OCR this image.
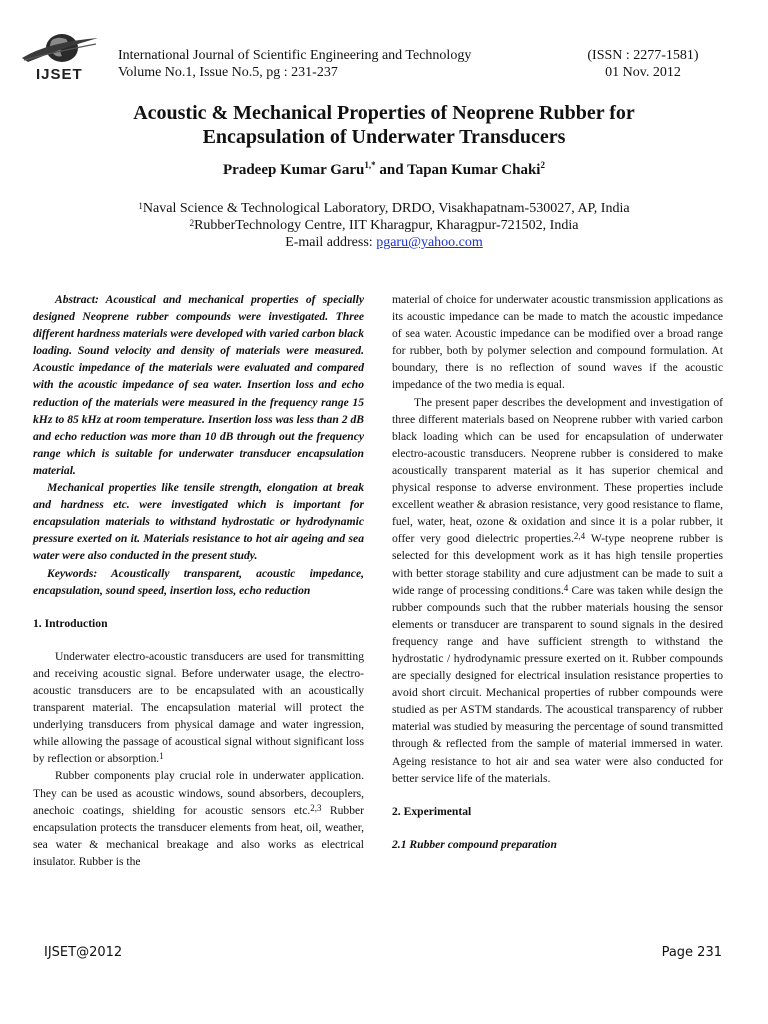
IJSET
International Journal of Scientific Engineering and Technology
Volume No.1, Issue No.5, pg : 231-237
(ISSN : 2277-1581)
01 Nov. 2012
Acoustic & Mechanical Properties of Neoprene Rubber for
Encapsulation of Underwater Transducers
Pradeep Kumar Garu$^{1,*}$ and Tapan Kumar Chaki$^2$
$^1$Naval Science & Technological Laboratory, DRDO, Visakhapatnam-530027, AP, India
$^2$RubberTechnology Centre, IIT Kharagpur, Kharagpur-721502, India
E-mail address: pgaru@yahoo.com

Abstract: Acoustical and mechanical properties of specially designed Neoprene rubber compounds were investigated. Three different hardness materials were developed with varied carbon black loading. Sound velocity and density of materials were measured. Acoustic impedance of the materials were evaluated and compared with the acoustic impedance of sea water. Insertion loss and echo reduction of the materials were measured in the frequency range 15 kHz to 85 kHz at room temperature. Insertion loss was less than 2 dB and echo reduction was more than 10 dB through out the frequency range which is suitable for underwater transducer encapsulation material.

Mechanical properties like tensile strength, elongation at break and hardness etc. were investigated which is important for encapsulation materials to withstand hydrostatic or hydrodynamic pressure exerted on it. Materials resistance to hot air ageing and sea water were also conducted in the present study.

Keywords: Acoustically transparent, acoustic impedance, encapsulation, sound speed, insertion loss, echo reduction

1. Introduction

Underwater electro-acoustic transducers are used for transmitting and receiving acoustic signal. Before underwater usage, the electro-acoustic transducers are to be encapsulated with an acoustically transparent material. The encapsulation material will protect the underlying transducers from physical damage and water ingression, while allowing the passage of acoustical signal without significant loss by reflection or absorption.$^1$

Rubber components play crucial role in underwater application. They can be used as acoustic windows, sound absorbers, decouplers, anechoic coatings, shielding for acoustic sensors etc.$^{2,3}$ Rubber encapsulation protects the transducer elements from heat, oil, weather, sea water & mechanical breakage and also works as electrical insulator. Rubber is the

material of choice for underwater acoustic transmission applications as its acoustic impedance can be made to match the acoustic impedance of sea water. Acoustic impedance can be modified over a broad range for rubber, both by polymer selection and compound formulation. At boundary, there is no reflection of sound waves if the acoustic impedance of the two media is equal.

The present paper describes the development and investigation of three different materials based on Neoprene rubber with varied carbon black loading which can be used for encapsulation of underwater electro-acoustic transducers. Neoprene rubber is considered to make acoustically transparent material as it has superior chemical and physical response to adverse environment. These properties include excellent weather & abrasion resistance, very good resistance to flame, fuel, water, heat, ozone & oxidation and since it is a polar rubber, it offer very good dielectric properties.$^{2,4}$ W-type neoprene rubber is selected for this development work as it has high tensile properties with better storage stability and cure adjustment can be made to suit a wide range of processing conditions.$^4$ Care was taken while design the rubber compounds such that the rubber materials housing the sensor elements or transducer are transparent to sound signals in the desired frequency range and have sufficient strength to withstand the hydrostatic / hydrodynamic pressure exerted on it. Rubber compounds are specially designed for electrical insulation resistance properties to avoid short circuit. Mechanical properties of rubber compounds were studied as per ASTM standards. The acoustical transparency of rubber material was studied by measuring the percentage of sound transmitted through & reflected from the sample of material immersed in water. Ageing resistance to hot air and sea water were also conducted for better service life of the materials.

2. Experimental

2.1 Rubber compound preparation

IJSET@2012	Page 231
